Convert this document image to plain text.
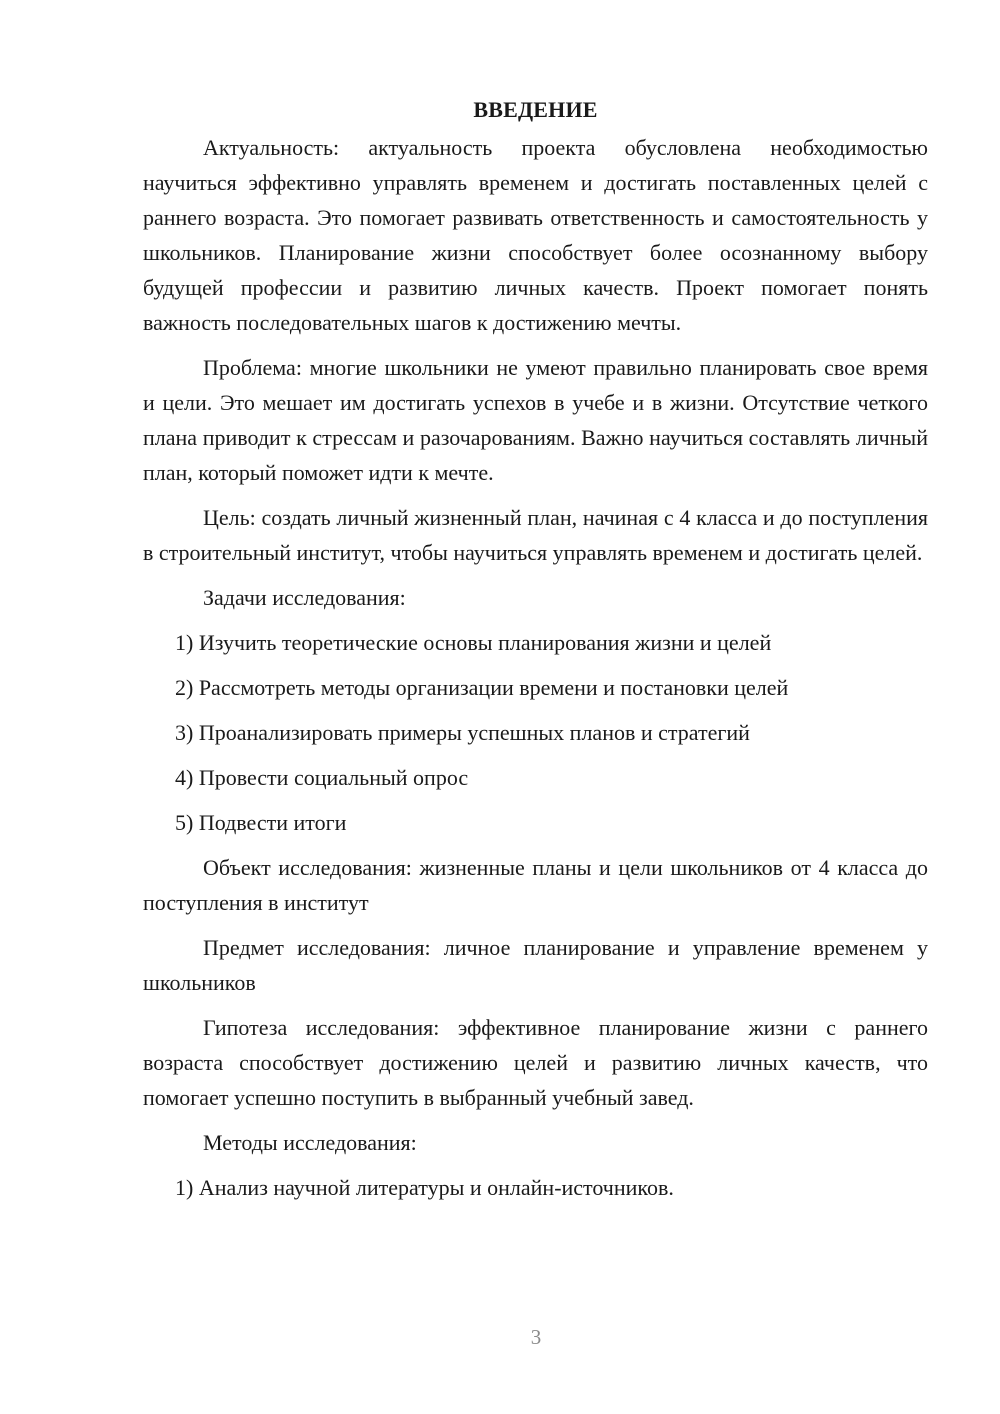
ВВЕДЕНИЕ

Актуальность: актуальность проекта обусловлена необходимостью научиться эффективно управлять временем и достигать поставленных целей с раннего возраста. Это помогает развивать ответственность и самостоятельность у школьников. Планирование жизни способствует более осознанному выбору будущей профессии и развитию личных качеств. Проект помогает понять важность последовательных шагов к достижению мечты.

Проблема: многие школьники не умеют правильно планировать свое время и цели. Это мешает им достигать успехов в учебе и в жизни. Отсутствие четкого плана приводит к стрессам и разочарованиям. Важно научиться составлять личный план, который поможет идти к мечте.

Цель: создать личный жизненный план, начиная с 4 класса и до поступления в строительный институт, чтобы научиться управлять временем и достигать целей.

Задачи исследования:

1) Изучить теоретические основы планирования жизни и целей

2) Рассмотреть методы организации времени и постановки целей

3) Проанализировать примеры успешных планов и стратегий

4) Провести социальный опрос

5) Подвести итоги

Объект исследования: жизненные планы и цели школьников от 4 класса до поступления в институт

Предмет исследования: личное планирование и управление временем у школьников

Гипотеза исследования: эффективное планирование жизни с раннего возраста способствует достижению целей и развитию личных качеств, что помогает успешно поступить в выбранный учебный завед.

Методы исследования:

1) Анализ научной литературы и онлайн-источников.

3
